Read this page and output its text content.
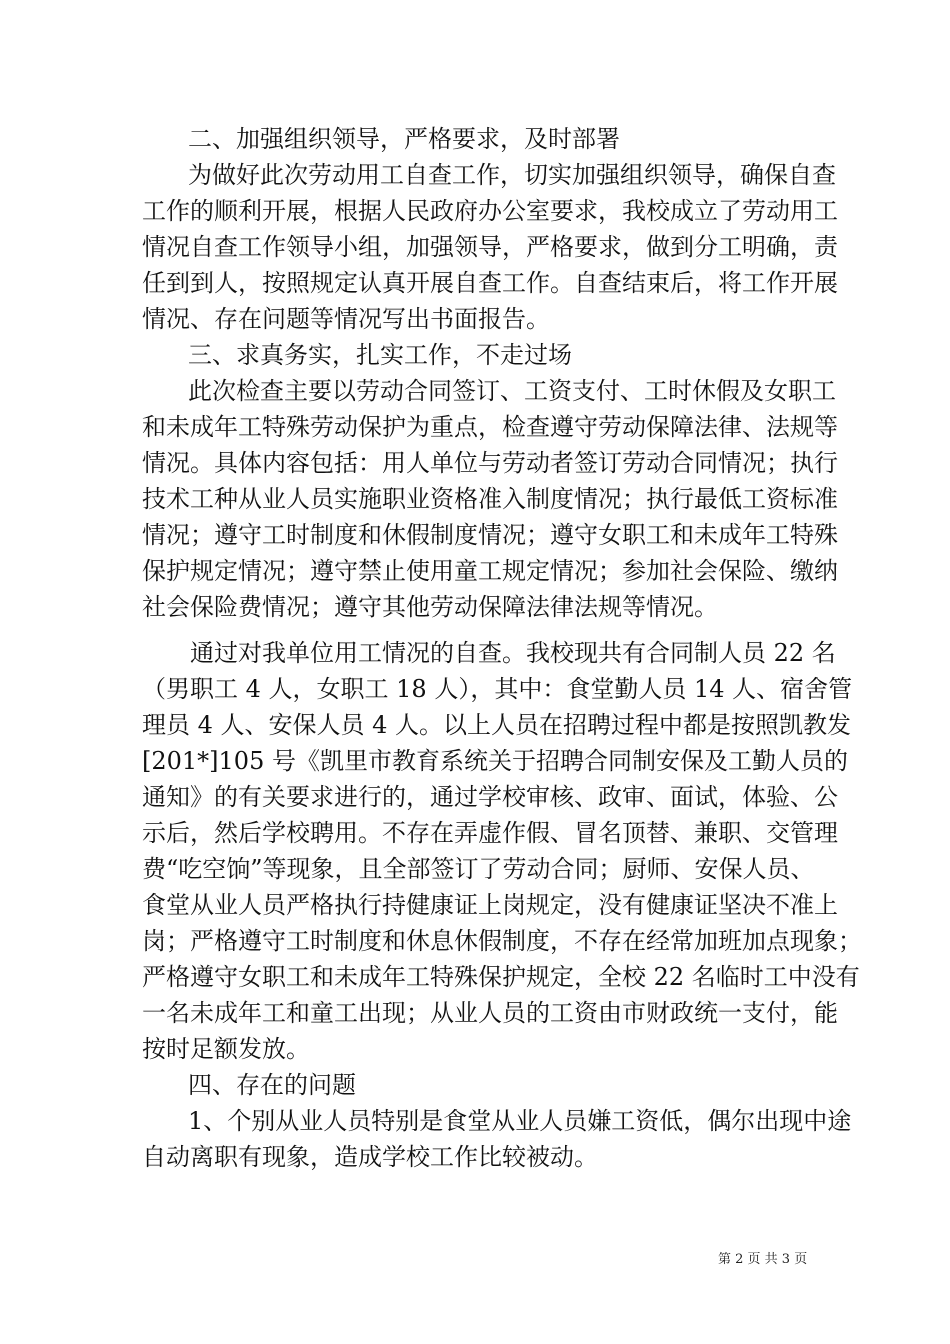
二、加强组织领导，严格要求，及时部署
为做好此次劳动用工自查工作，切实加强组织领导，确保自查
工作的顺利开展，根据人民政府办公室要求，我校成立了劳动用工
情况自查工作领导小组，加强领导，严格要求，做到分工明确，责
任到到人，按照规定认真开展自查工作。自查结束后，将工作开展
情况、存在问题等情况写出书面报告。
三、求真务实，扎实工作，不走过场
此次检查主要以劳动合同签订、工资支付、工时休假及女职工
和未成年工特殊劳动保护为重点，检查遵守劳动保障法律、法规等
情况。具体内容包括：用人单位与劳动者签订劳动合同情况；执行
技术工种从业人员实施职业资格准入制度情况；执行最低工资标准
情况；遵守工时制度和休假制度情况；遵守女职工和未成年工特殊
保护规定情况；遵守禁止使用童工规定情况；参加社会保险、缴纳
社会保险费情况；遵守其他劳动保障法律法规等情况。
通过对我单位用工情况的自查。我校现共有合同制人员 22 名
（男职工 4 人，女职工 18 人），其中：食堂勤人员 14 人、宿舍管
理员 4 人、安保人员 4 人。以上人员在招聘过程中都是按照凯教发
[201*]105 号《凯里市教育系统关于招聘合同制安保及工勤人员的
通知》的有关要求进行的，通过学校审核、政审、面试，体验、公
示后，然后学校聘用。不存在弄虚作假、冒名顶替、兼职、交管理
费“吃空饷”等现象，且全部签订了劳动合同；厨师、安保人员、
食堂从业人员严格执行持健康证上岗规定，没有健康证坚决不准上
岗；严格遵守工时制度和休息休假制度，不存在经常加班加点现象；
严格遵守女职工和未成年工特殊保护规定，全校 22 名临时工中没有
一名未成年工和童工出现；从业人员的工资由市财政统一支付，能
按时足额发放。
四、存在的问题
1、个别从业人员特别是食堂从业人员嫌工资低，偶尔出现中途
自动离职有现象，造成学校工作比较被动。
第 2 页 共 3 页
